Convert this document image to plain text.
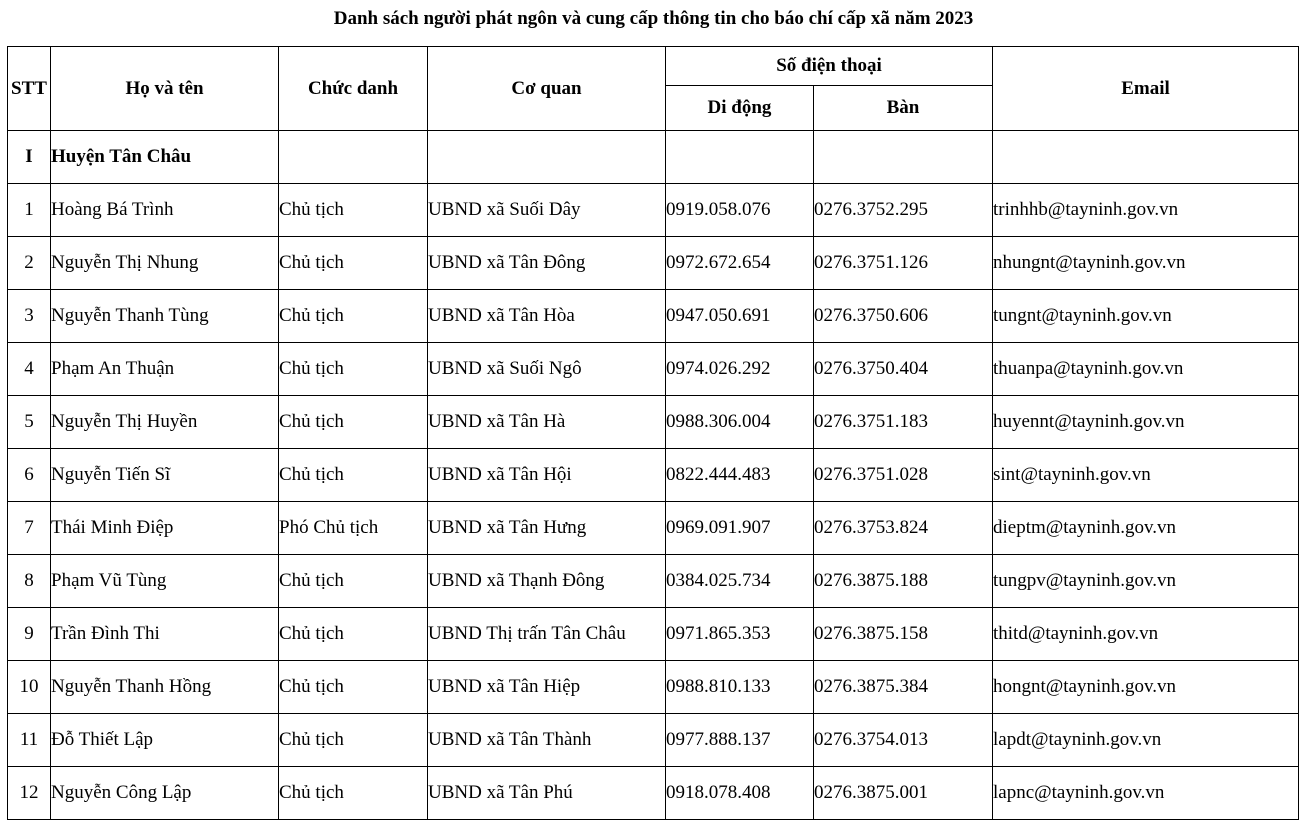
Danh sách người phát ngôn và cung cấp thông tin cho báo chí cấp xã năm 2023
STT	Họ và tên	Chức danh	Cơ quan	Số điện thoại		Email
				Di động	Bàn	
I	Huyện Tân Châu					
1	Hoàng Bá Trình	Chủ tịch	UBND xã Suối Dây	0919.058.076	0276.3752.295	trinhhb@tayninh.gov.vn
2	Nguyễn Thị Nhung	Chủ tịch	UBND xã Tân Đông	0972.672.654	0276.3751.126	nhungnt@tayninh.gov.vn
3	Nguyễn Thanh Tùng	Chủ tịch	UBND xã Tân Hòa	0947.050.691	0276.3750.606	tungnt@tayninh.gov.vn
4	Phạm An Thuận	Chủ tịch	UBND xã Suối Ngô	0974.026.292	0276.3750.404	thuanpa@tayninh.gov.vn
5	Nguyễn Thị Huyền	Chủ tịch	UBND xã Tân Hà	0988.306.004	0276.3751.183	huyennt@tayninh.gov.vn
6	Nguyễn Tiến Sĩ	Chủ tịch	UBND xã Tân Hội	0822.444.483	0276.3751.028	sint@tayninh.gov.vn
7	Thái Minh Điệp	Phó Chủ tịch	UBND xã Tân Hưng	0969.091.907	0276.3753.824	dieptm@tayninh.gov.vn
8	Phạm Vũ Tùng	Chủ tịch	UBND xã Thạnh Đông	0384.025.734	0276.3875.188	tungpv@tayninh.gov.vn
9	Trần Đình Thi	Chủ tịch	UBND Thị trấn Tân Châu	0971.865.353	0276.3875.158	thitd@tayninh.gov.vn
10	Nguyễn Thanh Hồng	Chủ tịch	UBND xã Tân Hiệp	0988.810.133	0276.3875.384	hongnt@tayninh.gov.vn
11	Đỗ Thiết Lập	Chủ tịch	UBND xã Tân Thành	0977.888.137	0276.3754.013	lapdt@tayninh.gov.vn
12	Nguyễn Công Lập	Chủ tịch	UBND xã Tân Phú	0918.078.408	0276.3875.001	lapnc@tayninh.gov.vn
